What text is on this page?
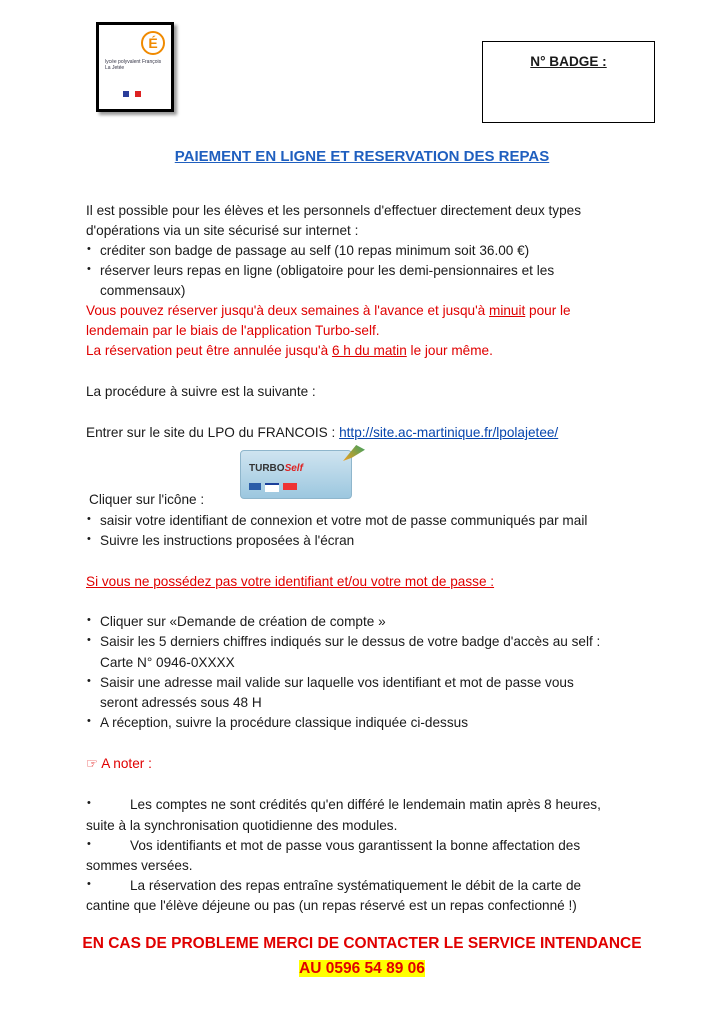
É
lycée polyvalent François La Jetée	N° BADGE :
PAIEMENT EN LIGNE ET RESERVATION DES REPAS
Il est possible pour les élèves et les personnels d'effectuer directement deux types
d'opérations via un site sécurisé sur internet :
• créditer son badge de passage au self (10 repas minimum soit 36.00 €)
• réserver leurs repas en ligne (obligatoire pour les demi-pensionnaires et les
commensaux)
Vous pouvez réserver jusqu'à deux semaines à l'avance et jusqu'à minuit pour le
lendemain par le biais de l'application Turbo-self.
La réservation peut être annulée jusqu'à 6 h du matin le jour même.
La procédure à suivre est la suivante :
Entrer sur le site du LPO du FRANCOIS : http://site.ac-martinique.fr/lpolajetee/
TURBOSelf
Cliquer sur l'icône :
• saisir votre identifiant de connexion et votre mot de passe communiqués par mail
• Suivre les instructions proposées à l'écran
Si vous ne possédez pas votre identifiant et/ou votre mot de passe :
• Cliquer sur «Demande de création de compte »
• Saisir les 5 derniers chiffres indiqués sur le dessus de votre badge d'accès au self :
Carte N° 0946-0XXXX
• Saisir une adresse mail valide sur laquelle vos identifiant et mot de passe vous
seront adressés sous 48 H
• A réception, suivre la procédure classique indiquée ci-dessus
☞ A noter :
•	Les comptes ne sont crédités qu'en différé le lendemain matin après 8 heures,
suite à la synchronisation quotidienne des modules.
•	Vos identifiants et mot de passe vous garantissent la bonne affectation des
sommes versées.
•	La réservation des repas entraîne systématiquement le débit de la carte de
cantine que l'élève déjeune ou pas (un repas réservé est un repas confectionné !)
EN CAS DE PROBLEME MERCI DE CONTACTER LE SERVICE INTENDANCE
AU 0596 54 89 06
